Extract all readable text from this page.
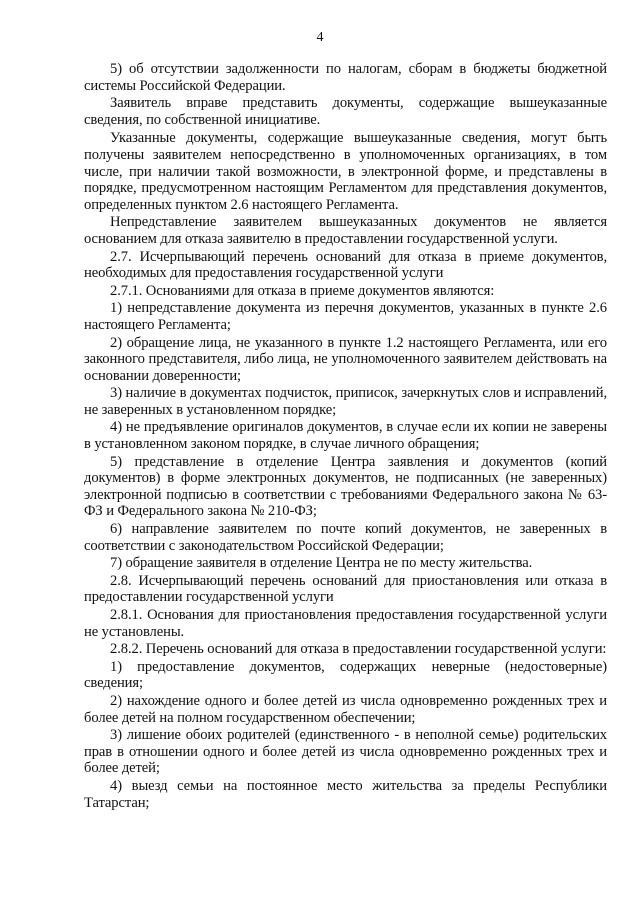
4

5) об отсутствии задолженности по налогам, сборам в бюджеты бюджетной системы Российской Федерации.

Заявитель вправе представить документы, содержащие вышеуказанные сведения, по собственной инициативе.

Указанные документы, содержащие вышеуказанные сведения, могут быть получены заявителем непосредственно в уполномоченных организациях, в том числе, при наличии такой возможности, в электронной форме, и представлены в порядке, предусмотренном настоящим Регламентом для представления документов, определенных пунктом 2.6 настоящего Регламента.

Непредставление заявителем вышеуказанных документов не является основанием для отказа заявителю в предоставлении государственной услуги.

2.7. Исчерпывающий перечень оснований для отказа в приеме документов, необходимых для предоставления государственной услуги

2.7.1. Основаниями для отказа в приеме документов являются:

1) непредставление документа из перечня документов, указанных в пункте 2.6 настоящего Регламента;

2) обращение лица, не указанного в пункте 1.2 настоящего Регламента, или его законного представителя, либо лица, не уполномоченного заявителем действовать на основании доверенности;

3) наличие в документах подчисток, приписок, зачеркнутых слов и исправлений, не заверенных в установленном порядке;

4) не предъявление оригиналов документов, в случае если их копии не заверены в установленном законом порядке, в случае личного обращения;

5) представление в отделение Центра заявления и документов (копий документов) в форме электронных документов, не подписанных (не заверенных) электронной подписью в соответствии с требованиями Федерального закона № 63-ФЗ и Федерального закона № 210-ФЗ;

6) направление заявителем по почте копий документов, не заверенных в соответствии с законодательством Российской Федерации;

7) обращение заявителя в отделение Центра не по месту жительства.

2.8. Исчерпывающий перечень оснований для приостановления или отказа в предоставлении государственной услуги

2.8.1. Основания для приостановления предоставления государственной услуги не установлены.

2.8.2. Перечень оснований для отказа в предоставлении государственной услуги:

1) предоставление документов, содержащих неверные (недостоверные) сведения;

2) нахождение одного и более детей из числа одновременно рожденных трех и более детей на полном государственном обеспечении;

3) лишение обоих родителей (единственного - в неполной семье) родительских прав в отношении одного и более детей из числа одновременно рожденных трех и более детей;

4) выезд семьи на постоянное место жительства за пределы Республики Татарстан;
